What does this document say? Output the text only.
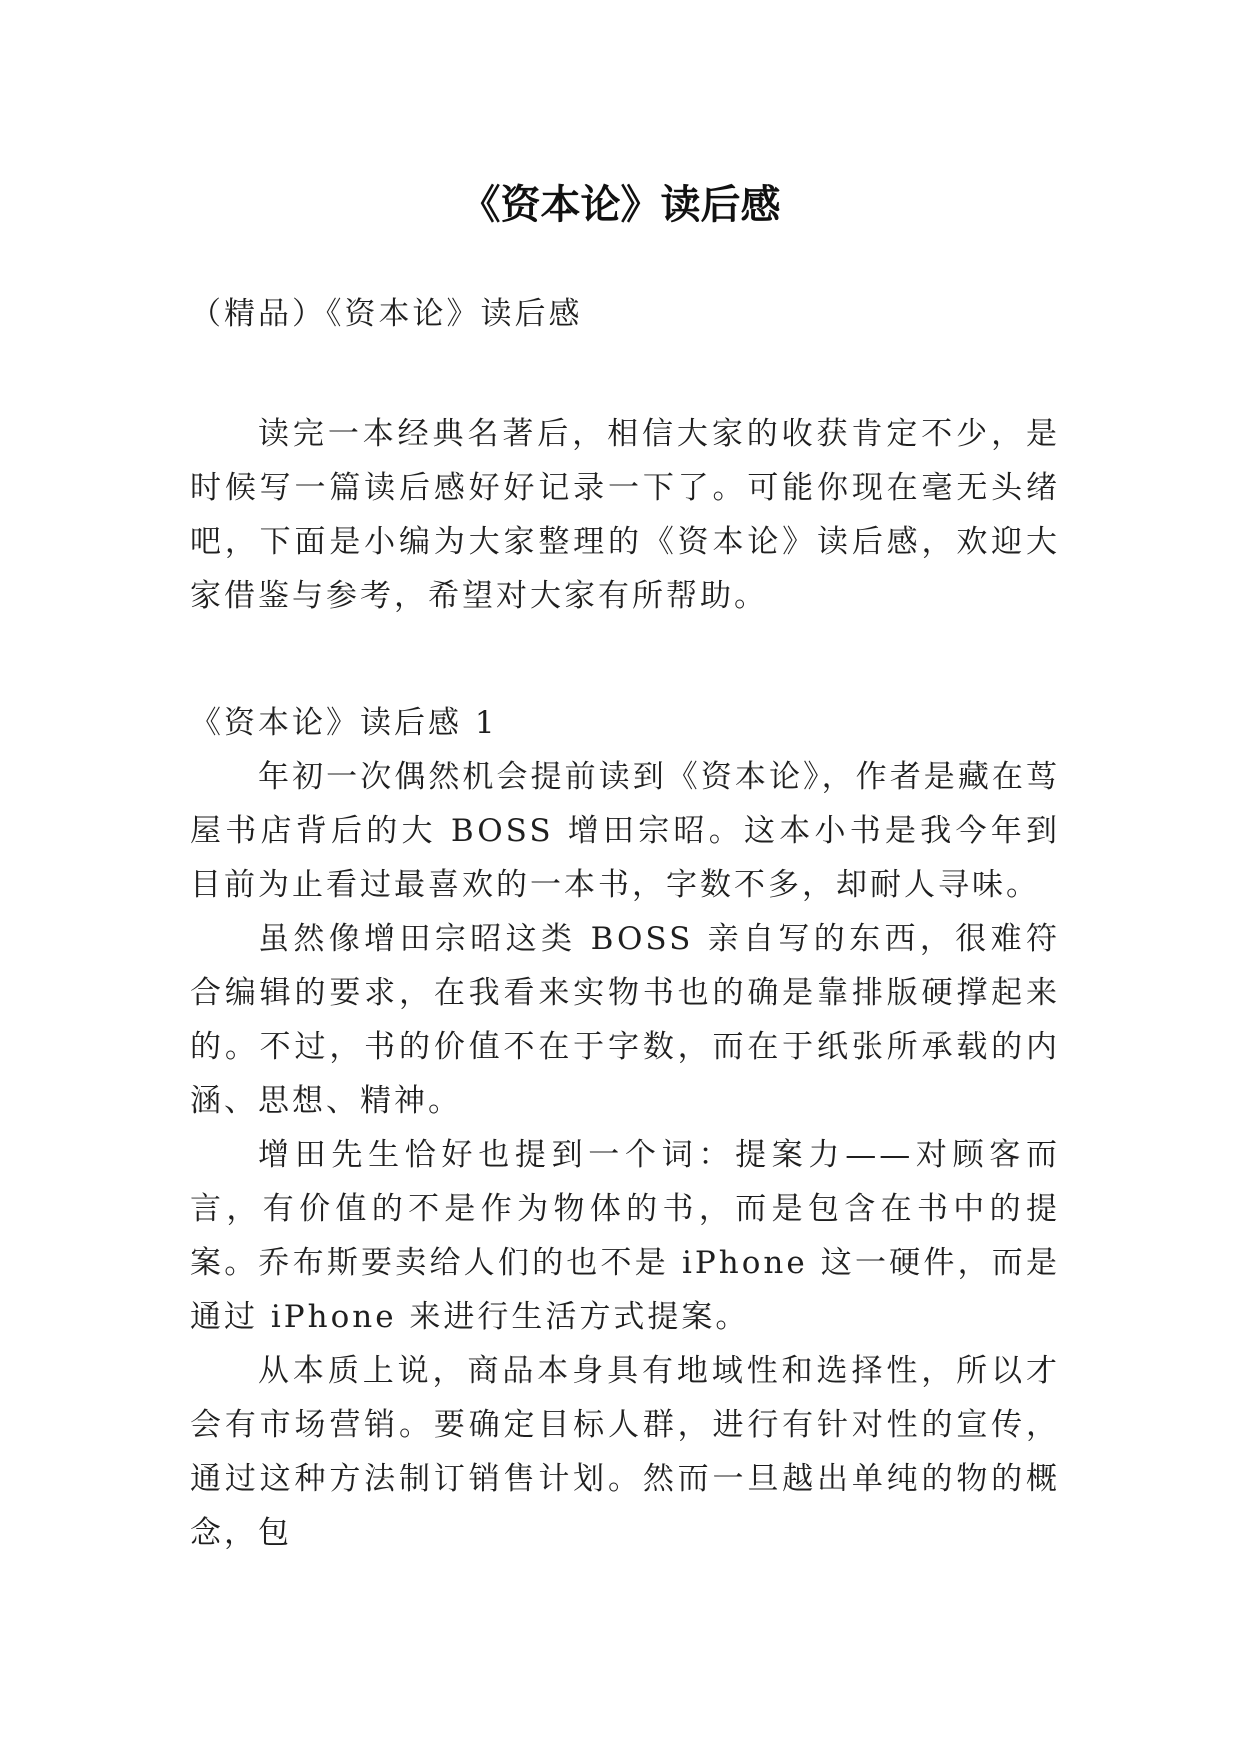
《资本论》读后感

（精品）《资本论》读后感

读完一本经典名著后，相信大家的收获肯定不少，是时候写一篇读后感好好记录一下了。可能你现在毫无头绪吧，下面是小编为大家整理的《资本论》读后感，欢迎大家借鉴与参考，希望对大家有所帮助。

《资本论》读后感 1

年初一次偶然机会提前读到《资本论》，作者是藏在茑屋书店背后的大 BOSS 增田宗昭。这本小书是我今年到目前为止看过最喜欢的一本书，字数不多，却耐人寻味。

虽然像增田宗昭这类 BOSS 亲自写的东西，很难符合编辑的要求，在我看来实物书也的确是靠排版硬撑起来的。不过，书的价值不在于字数，而在于纸张所承载的内涵、思想、精神。

增田先生恰好也提到一个词：提案力——对顾客而言，有价值的不是作为物体的书，而是包含在书中的提案。乔布斯要卖给人们的也不是 iPhone 这一硬件，而是通过 iPhone 来进行生活方式提案。

从本质上说，商品本身具有地域性和选择性，所以才会有市场营销。要确定目标人群，进行有针对性的宣传，通过这种方法制订销售计划。然而一旦越出单纯的物的概念，包
